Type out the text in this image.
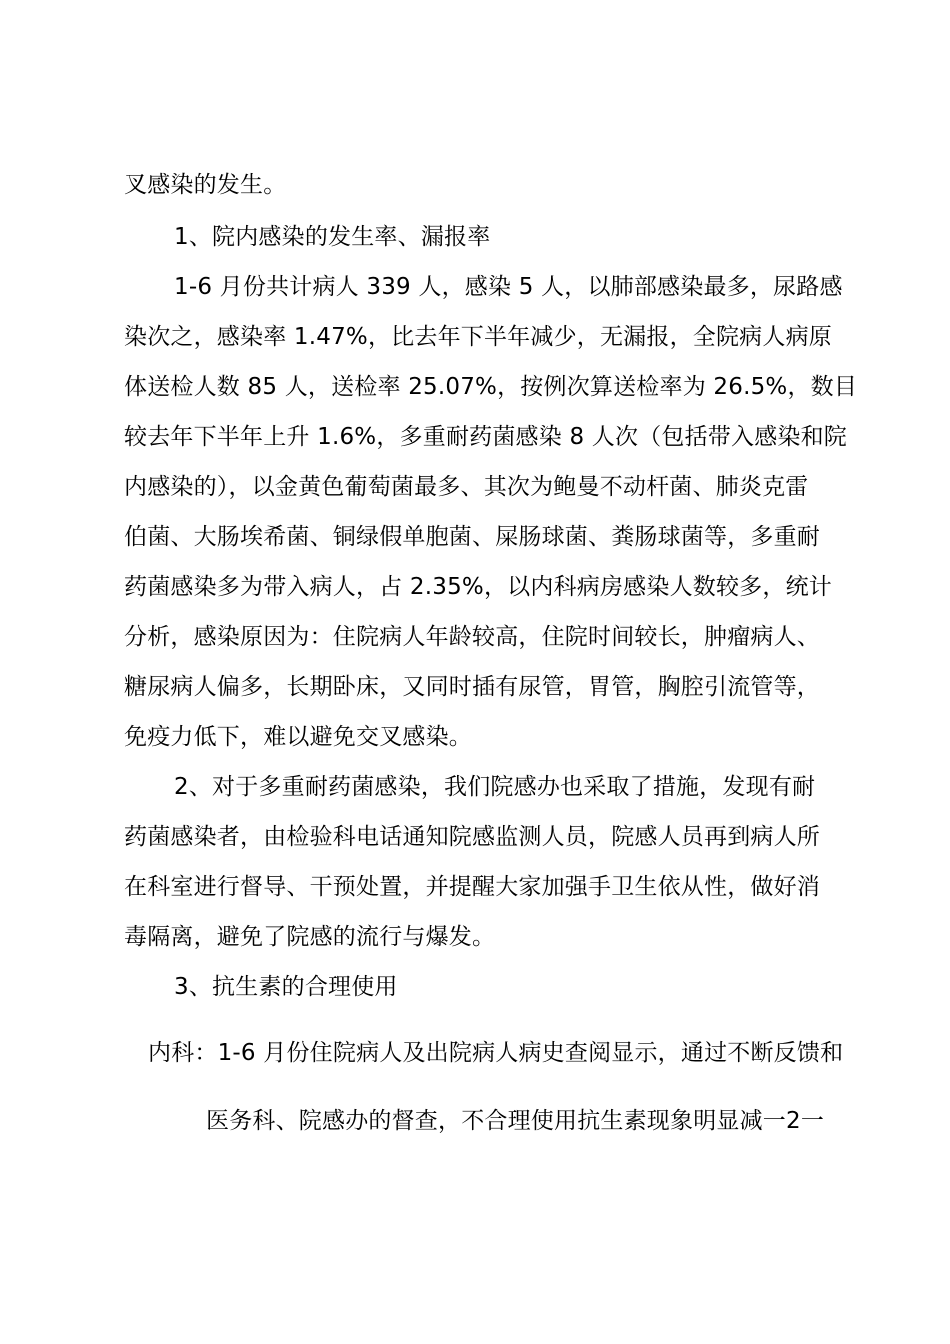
叉感染的发生。
1、院内感染的发生率、漏报率
1-6 月份共计病人 339 人，感染 5 人，以肺部感染最多，尿路感
染次之，感染率 1.47%，比去年下半年减少，无漏报，全院病人病原
体送检人数 85 人，送检率 25.07%，按例次算送检率为 26.5%，数目
较去年下半年上升 1.6%，多重耐药菌感染 8 人次（包括带入感染和院
内感染的），以金黄色葡萄菌最多、其次为鲍曼不动杆菌、肺炎克雷
伯菌、大肠埃希菌、铜绿假单胞菌、屎肠球菌、粪肠球菌等，多重耐
药菌感染多为带入病人，占 2.35%，以内科病房感染人数较多，统计
分析，感染原因为：住院病人年龄较高，住院时间较长，肿瘤病人、
糖尿病人偏多，长期卧床，又同时插有尿管，胃管，胸腔引流管等，
免疫力低下，难以避免交叉感染。
2、对于多重耐药菌感染，我们院感办也采取了措施，发现有耐
药菌感染者，由检验科电话通知院感监测人员，院感人员再到病人所
在科室进行督导、干预处置，并提醒大家加强手卫生依从性，做好消
毒隔离，避免了院感的流行与爆发。
3、抗生素的合理使用
内科：1-6 月份住院病人及出院病人病史查阅显示，通过不断反馈和
医务科、院感办的督查，不合理使用抗生素现象明显减一2一
